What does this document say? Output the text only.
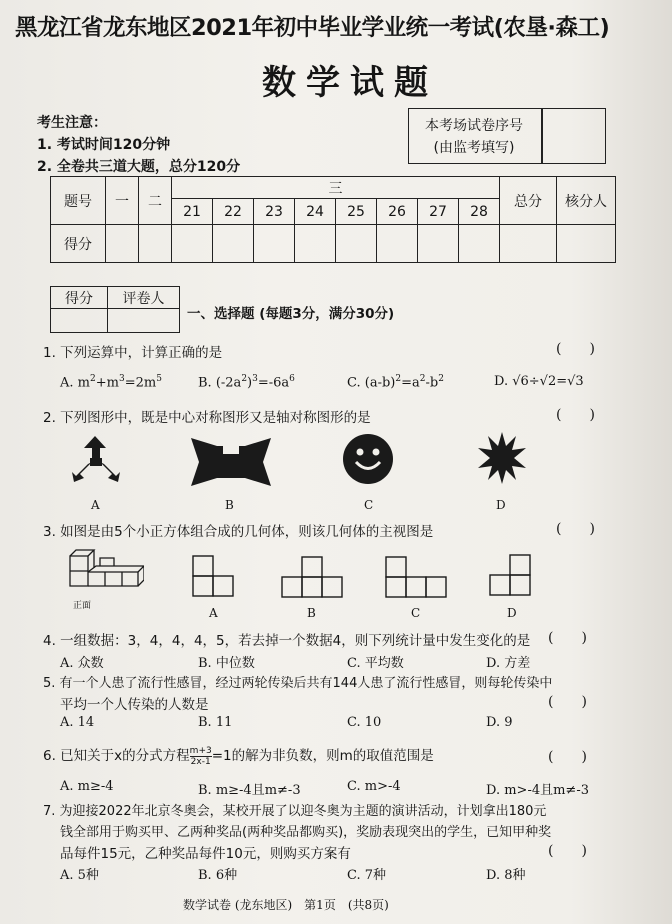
黑龙江省龙东地区2021年初中毕业学业统一考试(农垦·森工)
数学试题
考生注意：
1. 考试时间120分钟
2. 全卷共三道大题，总分120分
本考场试卷序号
(由监考填写)
题号	一	二	三								总分	核分人
			21	22	23	24	25	26	27	28		
得分												
得分	评卷人

一、选择题 (每题3分，满分30分)
1. 下列运算中，计算正确的是	(　　)
A. $m^2+m^3=2m^5$	B. $(-2a^2)^3=-6a^6$	C. $(a-b)^2=a^2-b^2$	D. √6÷√2=√3
2. 下列图形中，既是中心对称图形又是轴对称图形的是	(　　)
A	B	C	D
3. 如图是由5个小正方体组合成的几何体，则该几何体的主视图是	(　　)
正面	A	B	C	D
4. 一组数据：3，4，4，4，5，若去掉一个数据4，则下列统计量中发生变化的是 (　　)
A. 众数	B. 中位数	C. 平均数	D. 方差
5. 有一个人患了流行性感冒，经过两轮传染后共有144人患了流行性感冒，则每轮传染中
平均一个人传染的人数是	(　　)
A. 14	B. 11	C. 10	D. 9
6. 已知关于x的分式方程 $\frac{m+3}{2x-1} =1$的解为非负数，则m的取值范围是	(　　)
A. m≥-4	B. m≥-4且m≠-3	C. m>-4	D. m>-4且m≠-3
7. 为迎接2022年北京冬奥会，某校开展了以迎冬奥为主题的演讲活动，计划拿出180元
钱全部用于购买甲、乙两种奖品(两种奖品都购买)，奖励表现突出的学生，已知甲种奖
品每件15元，乙种奖品每件10元，则购买方案有	(　　)
A. 5种	B. 6种	C. 7种	D. 8种
数学试卷 (龙东地区)　第1页　(共8页)
